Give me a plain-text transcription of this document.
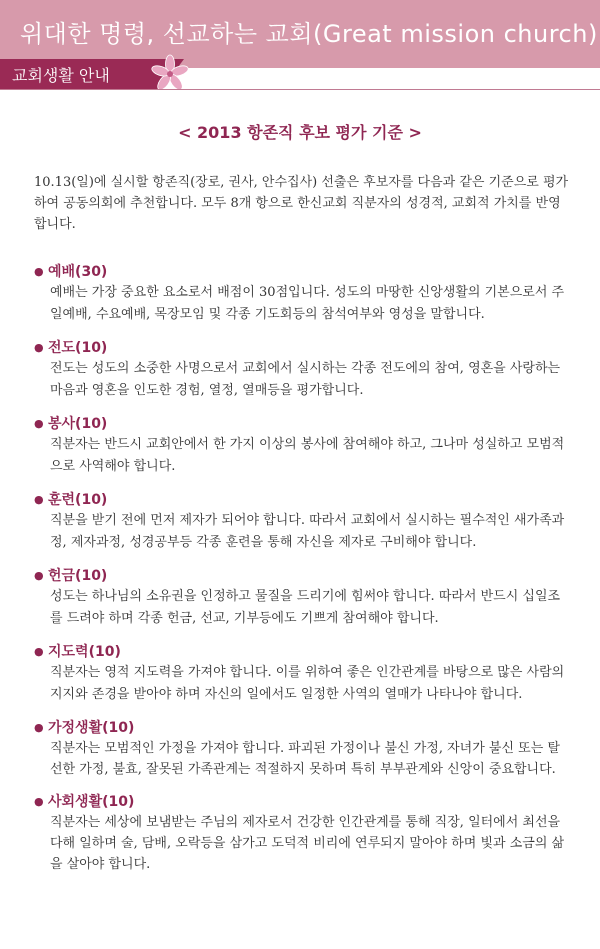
위대한 명령, 선교하는 교회(Great mission church)
교회생활 안내
< 2013 항존직 후보 평가 기준 >
10.13(일)에 실시할 항존직(장로, 권사, 안수집사) 선출은 후보자를 다음과 같은 기준으로 평가하여 공동의회에 추천합니다. 모두 8개 항으로 한신교회 직분자의 성경적, 교회적 가치를 반영합니다.
● 예배(30)
예배는 가장 중요한 요소로서 배점이 30점입니다. 성도의 마땅한 신앙생활의 기본으로서 주일예배, 수요예배, 목장모임 및 각종 기도회등의 참석여부와 영성을 말합니다.
● 전도(10)
전도는 성도의 소중한 사명으로서 교회에서 실시하는 각종 전도에의 참여, 영혼을 사랑하는 마음과 영혼을 인도한 경험, 열정, 열매등을 평가합니다.
● 봉사(10)
직분자는 반드시 교회안에서 한 가지 이상의 봉사에 참여해야 하고, 그나마 성실하고 모범적으로 사역해야 합니다.
● 훈련(10)
직분을 받기 전에 먼저 제자가 되어야 합니다. 따라서 교회에서 실시하는 필수적인 새가족과정, 제자과정, 성경공부등 각종 훈련을 통해 자신을 제자로 구비해야 합니다.
● 헌금(10)
성도는 하나님의 소유권을 인정하고 물질을 드리기에 힘써야 합니다. 따라서 반드시 십일조를 드려야 하며 각종 헌금, 선교, 기부등에도 기쁘게 참여해야 합니다.
● 지도력(10)
직분자는 영적 지도력을 가져야 합니다. 이를 위하여 좋은 인간관계를 바탕으로 많은 사람의 지지와 존경을 받아야 하며 자신의 일에서도 일정한 사역의 열매가 나타나야 합니다.
● 가정생활(10)
직분자는 모범적인 가정을 가져야 합니다. 파괴된 가정이나 불신 가정, 자녀가 불신 또는 탈선한 가정, 불효, 잘못된 가족관계는 적절하지 못하며 특히 부부관계와 신앙이 중요합니다.
● 사회생활(10)
직분자는 세상에 보냄받는 주님의 제자로서 건강한 인간관계를 통해 직장, 일터에서 최선을 다해 일하며 술, 담배, 오락등을 삼가고 도덕적 비리에 연루되지 말아야 하며 빛과 소금의 삶을 살아야 합니다.
